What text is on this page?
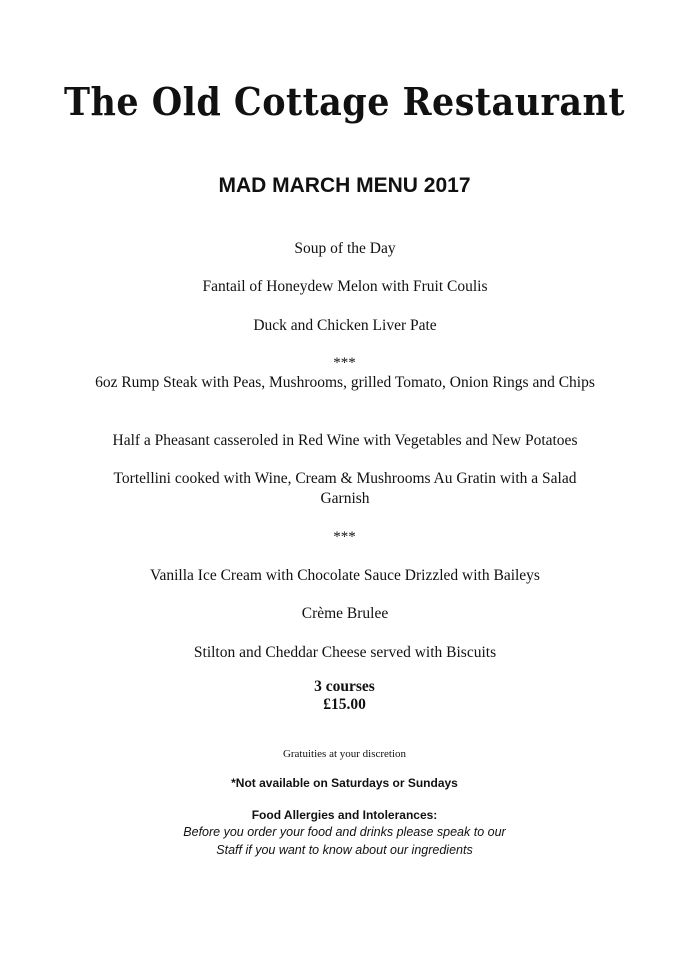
The Old Cottage Restaurant
MAD MARCH MENU 2017
Soup of the Day
Fantail of Honeydew Melon with Fruit Coulis
Duck and Chicken Liver Pate
***
6oz Rump Steak with Peas, Mushrooms, grilled Tomato, Onion Rings and Chips
Half a Pheasant casseroled in Red Wine with Vegetables and New Potatoes
Tortellini cooked with Wine, Cream & Mushrooms Au Gratin with a Salad Garnish
***
Vanilla Ice Cream with Chocolate Sauce Drizzled with Baileys
Crème Brulee
Stilton and Cheddar Cheese served with Biscuits
3 courses
£15.00
Gratuities at your discretion
*Not available on Saturdays or Sundays
Food Allergies and Intolerances:
Before you order your food and drinks please speak to our
Staff if you want to know about our ingredients
